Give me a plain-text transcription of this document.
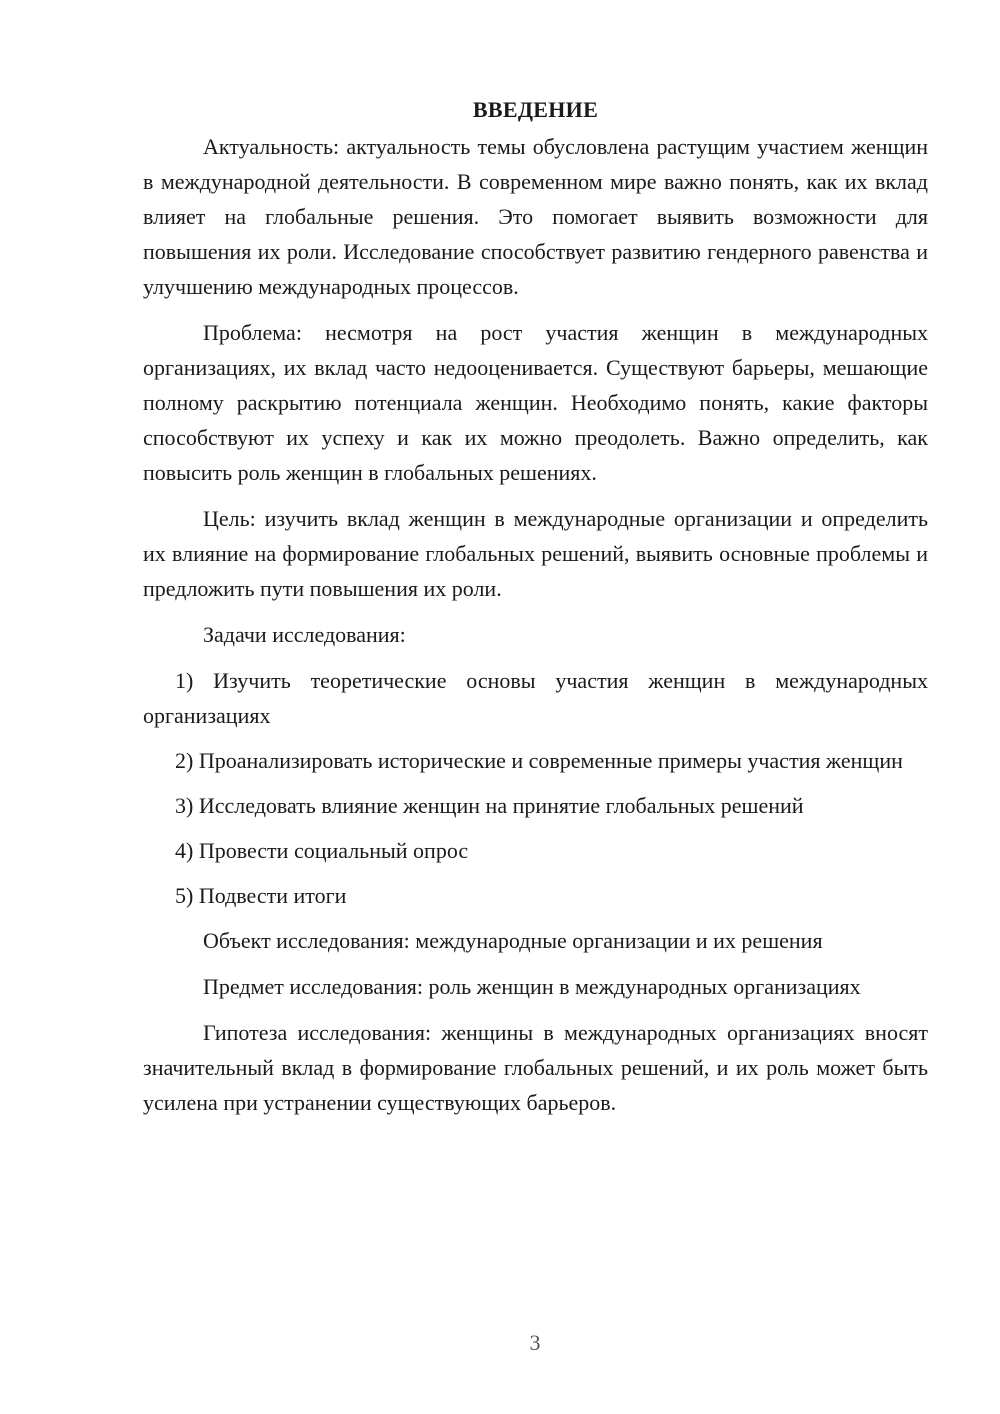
ВВЕДЕНИЕ

Актуальность: актуальность темы обусловлена растущим участием женщин в международной деятельности. В современном мире важно понять, как их вклад влияет на глобальные решения. Это помогает выявить возможности для повышения их роли. Исследование способствует развитию гендерного равенства и улучшению международных процессов.

Проблема: несмотря на рост участия женщин в международных организациях, их вклад часто недооценивается. Существуют барьеры, мешающие полному раскрытию потенциала женщин. Необходимо понять, какие факторы способствуют их успеху и как их можно преодолеть. Важно определить, как повысить роль женщин в глобальных решениях.

Цель: изучить вклад женщин в международные организации и определить их влияние на формирование глобальных решений, выявить основные проблемы и предложить пути повышения их роли.

Задачи исследования:

1) Изучить теоретические основы участия женщин в международных организациях

2) Проанализировать исторические и современные примеры участия женщин

3) Исследовать влияние женщин на принятие глобальных решений

4) Провести социальный опрос

5) Подвести итоги

Объект исследования: международные организации и их решения

Предмет исследования: роль женщин в международных организациях

Гипотеза исследования: женщины в международных организациях вносят значительный вклад в формирование глобальных решений, и их роль может быть усилена при устранении существующих барьеров.

3
